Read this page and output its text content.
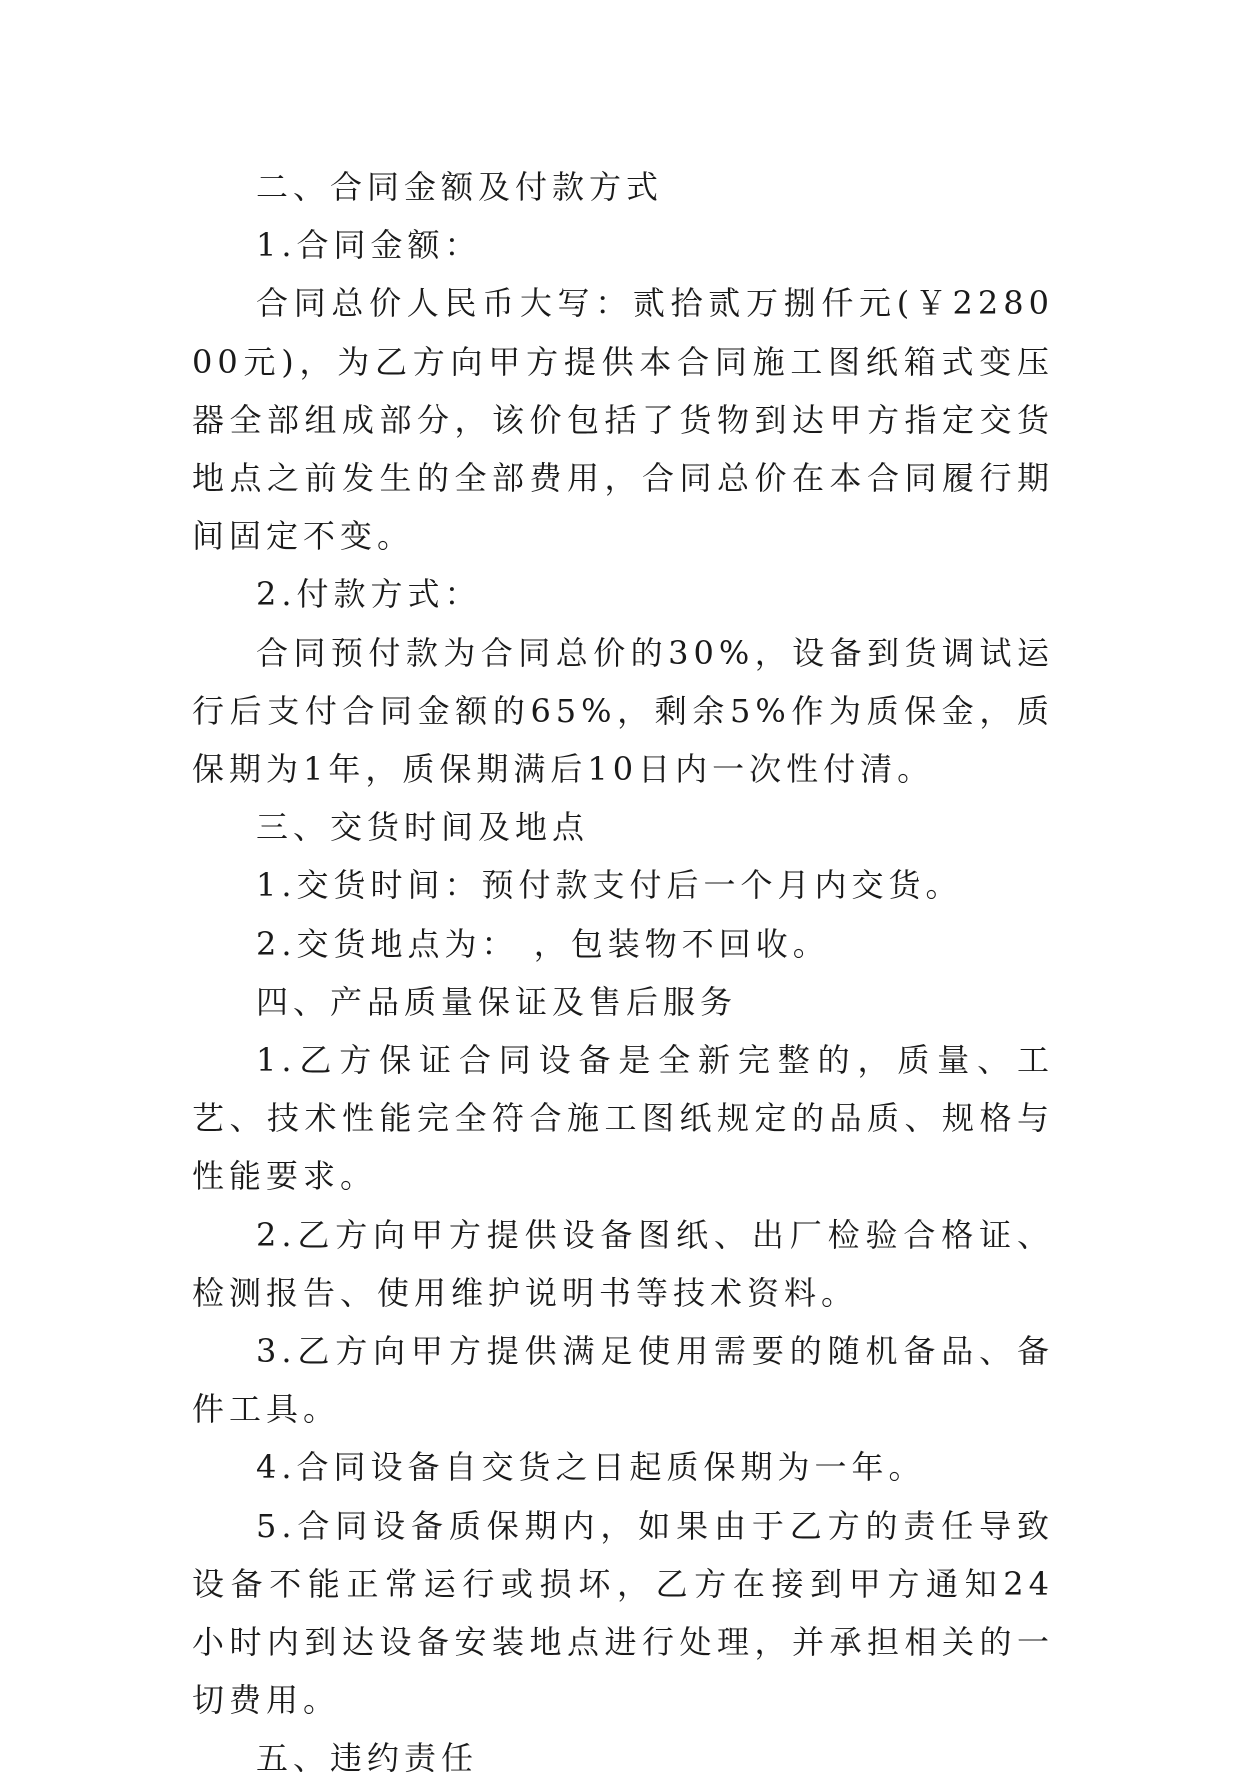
二、合同金额及付款方式

1.合同金额：

合同总价人民币大写：贰拾贰万捌仟元(￥228000元)，为乙方向甲方提供本合同施工图纸箱式变压器全部组成部分，该价包括了货物到达甲方指定交货地点之前发生的全部费用，合同总价在本合同履行期间固定不变。

2.付款方式：

合同预付款为合同总价的30%，设备到货调试运行后支付合同金额的65%，剩余5%作为质保金，质保期为1年，质保期满后10日内一次性付清。

三、交货时间及地点

1.交货时间：预付款支付后一个月内交货。

2.交货地点为： ，包装物不回收。

四、产品质量保证及售后服务

1.乙方保证合同设备是全新完整的，质量、工艺、技术性能完全符合施工图纸规定的品质、规格与性能要求。

2.乙方向甲方提供设备图纸、出厂检验合格证、检测报告、使用维护说明书等技术资料。

3.乙方向甲方提供满足使用需要的随机备品、备件工具。

4.合同设备自交货之日起质保期为一年。

5.合同设备质保期内，如果由于乙方的责任导致设备不能正常运行或损坏，乙方在接到甲方通知24小时内到达设备安装地点进行处理，并承担相关的一切费用。

五、违约责任
